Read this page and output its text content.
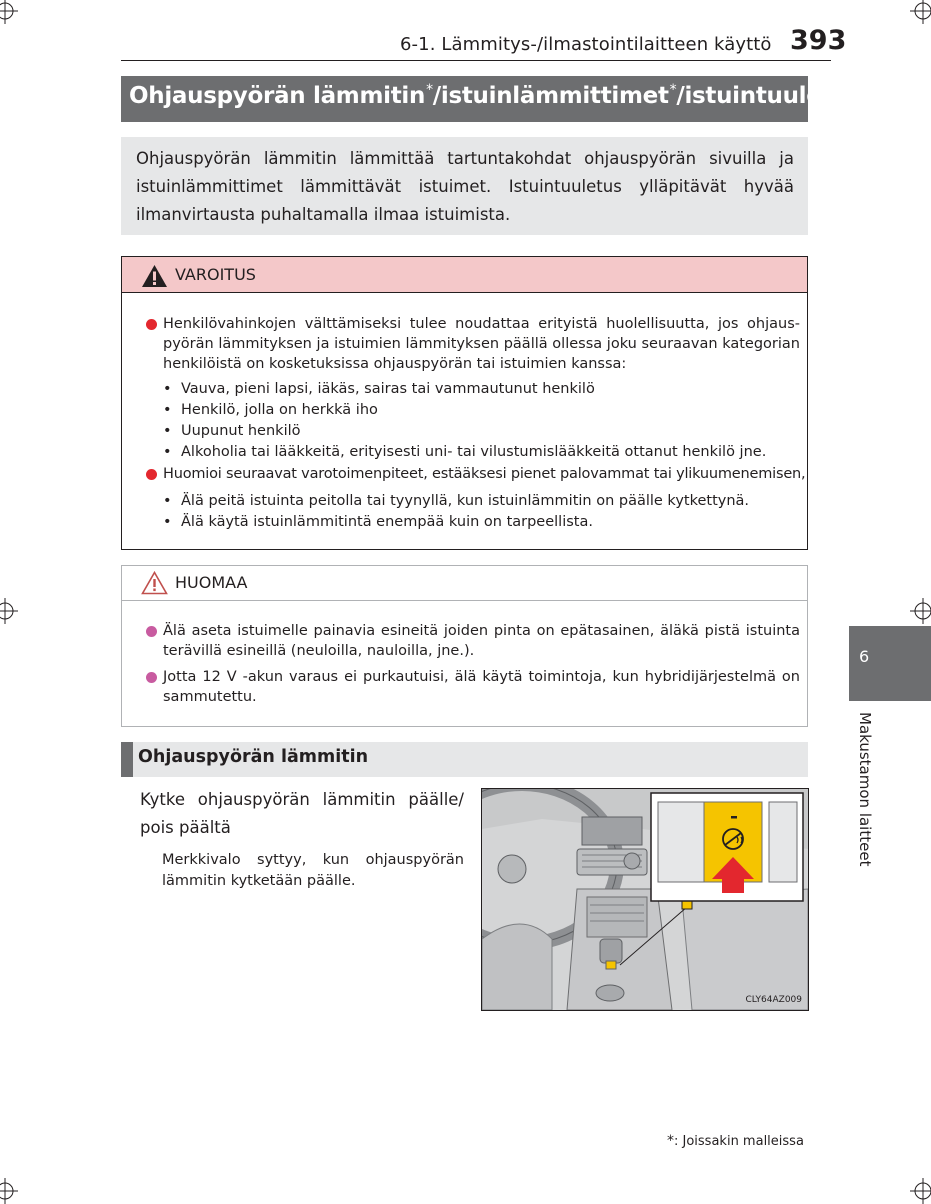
6-1. Lämmitys-/ilmastointilaitteen käyttö 393
Ohjauspyörän lämmitin*/istuinlämmittimet*/istuintuuletus*
Ohjauspyörän lämmitin lämmittää tartuntakohdat ohjauspyörän sivuilla ja istuinlämmittimet lämmittävät istuimet. Istuintuuletus ylläpitävät hyvää ilmanvirtausta puhaltamalla ilmaa istuimista.
VAROITUS
Henkilövahinkojen välttämiseksi tulee noudattaa erityistä huolellisuutta, jos ohjaus-pyörän lämmityksen ja istuimien lämmityksen päällä ollessa joku seuraavan kategorian henkilöistä on kosketuksissa ohjauspyörän tai istuimien kanssa:
• Vauva, pieni lapsi, iäkäs, sairas tai vammautunut henkilö
• Henkilö, jolla on herkkä iho
• Uupunut henkilö
• Alkoholia tai lääkkeitä, erityisesti uni- tai vilustumislääkkeitä ottanut henkilö jne.
Huomioi seuraavat varotoimenpiteet, estääksesi pienet palovammat tai ylikuumenemisen,
• Älä peitä istuinta peitolla tai tyynyllä, kun istuinlämmitin on päälle kytkettynä.
• Älä käytä istuinlämmitintä enempää kuin on tarpeellista.
HUOMAA
Älä aseta istuimelle painavia esineitä joiden pinta on epätasainen, äläkä pistä istuinta terävillä esineillä (neuloilla, nauloilla, jne.).
Jotta 12 V -akun varaus ei purkautuisi, älä käytä toimintoja, kun hybridijärjestelmä on sammutettu.
Ohjauspyörän lämmitin
Kytke ohjauspyörän lämmitin päälle/ pois päältä
Merkkivalo syttyy, kun ohjauspyörän lämmitin kytketään päälle.
CLY64AZ009
6
Makustamon laitteet
*: Joissakin malleissa
